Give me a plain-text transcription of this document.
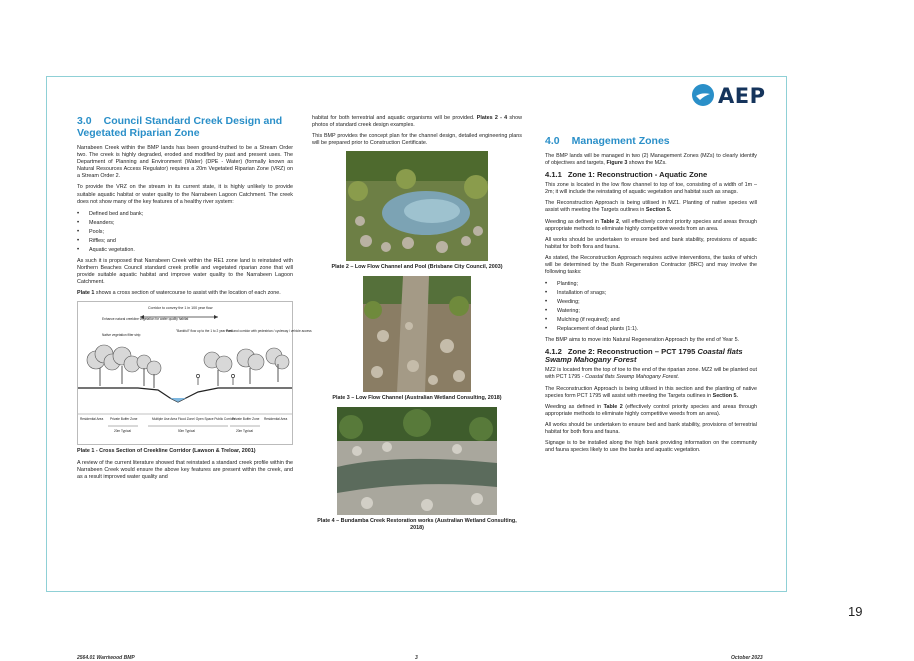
3.0 Council Standard Creek Design and Vegetated Riparian Zone

Narrabeen Creek within the BMP lands has been ground-truthed to be a Stream Order two. The creek is highly degraded, eroded and modified by past and present uses. The Department of Planning and Environment (Water) (DPE - Water) (formally known as Natural Resources Access Regulator) requires a 20m Vegetated Riparian Zone (VRZ) on a Stream Order 2.

To provide the VRZ on the stream in its current state, it is highly unlikely to provide suitable aquatic habitat or water quality to the Narrabeen Lagoon Catchment. The creek does not show many of the key features of a healthy river system:

• Defined bed and bank;
• Meanders;
• Pools;
• Riffles; and
• Aquatic vegetation.

As such it is proposed that Narrabeen Creek within the RE1 zone land is reinstated with Northern Beaches Council standard creek profile and vegetated riparian zone that will provide suitable aquatic habitat and improve water quality to the Narrabeen Lagoon Catchment.

Plate 1 shows a cross section of watercourse to assist with the location of each zone.

Corridor to convey the 1 in 100 year flow
Enhance natural creekline vegetation for water quality habitat
Native vegetation filter strip
"Bankfull" flow up to the 1 to 2 year flow
Parkland corridor with pedestrian / cycleway / vehicle access
Residential Area Private Buffer Zone	Multiple Use Area Flood Zone/ Open Space Public Corridor
Private Buffer Zone Residential Area
20m Typical	50m Typical	20m Typical
Plate 1 - Cross Section of Creekline Corridor (Lawson & Treloar, 2001)

A review of the current literature showed that reinstated a standard creek profile within the Narrabeen Creek would ensure the above key features are present within the creek, and as a result improved water quality and

habitat for both terrestrial and aquatic organisms will be provided. Plates 2 - 4 show photos of standard creek design examples.

This BMP provides the concept plan for the channel design, detailed engineering plans will be prepared prior to Construction Certificate.

Plate 2 – Low Flow Channel and Pool (Brisbane City Council, 2003)
Plate 3 – Low Flow Channel (Australian Wetland Consulting, 2018)
Plate 4 – Bundamba Creek Restoration works (Australian Wetland Consulting, 2018)
4.0 Management Zones

The BMP lands will be managed in two (2) Management Zones (MZs) to clearly identify of objectives and targets, Figure 3 shows the MZs.

4.1.1 Zone 1: Reconstruction - Aquatic Zone

This zone is located in the low flow channel to top of toe, consisting of a width of 1m – 2m; it will include the reinstating of aquatic vegetation and habitat such as snags.

The Reconstruction Approach is being utilised in MZ1. Planting of native species will assist with meeting the Targets outlines in Section 5.

Weeding as defined in Table 2, will effectively control priority species and areas through appropriate methods to eliminate highly competitive weeds from an area.

All works should be undertaken to ensure bed and bank stability, provisions of aquatic habitat for both flora and fauna.

As stated, the Reconstruction Approach requires active interventions, the tasks of which will be determined by the Bush Regeneration Contractor (BRC) and may involve the following tasks:

• Planting;
• Installation of snags;
• Weeding;
• Watering;
• Mulching (if required); and
• Replacement of dead plants (1:1).

The BMP aims to move into Natural Regeneration Approach by the end of Year 5.

4.1.2 Zone 2: Reconstruction – PCT 1795 Coastal flats Swamp Mahogany Forest

MZ2 is located from the top of toe to the end of the riparian zone. MZ2 will be planted out with PCT 1795 - Coastal flats Swamp Mahogany Forest.

The Reconstruction Approach is being utilised in this section and the planting of native species form PCT 1795 will assist with meeting the Targets outlines in Section 5.

Weeding as defined in Table 2 (effectively control priority species and areas through appropriate methods to eliminate highly competitive weeds from an area).

All works should be undertaken to ensure bed and bank stability, provisions of terrestrial habitat for both flora and fauna.

Signage is to be installed along the high bank providing information on the community and fauna species likely to use the banks and aquatic vegetation.

2564.01 Warriwood BMP	3	October 2023
AEP
19
